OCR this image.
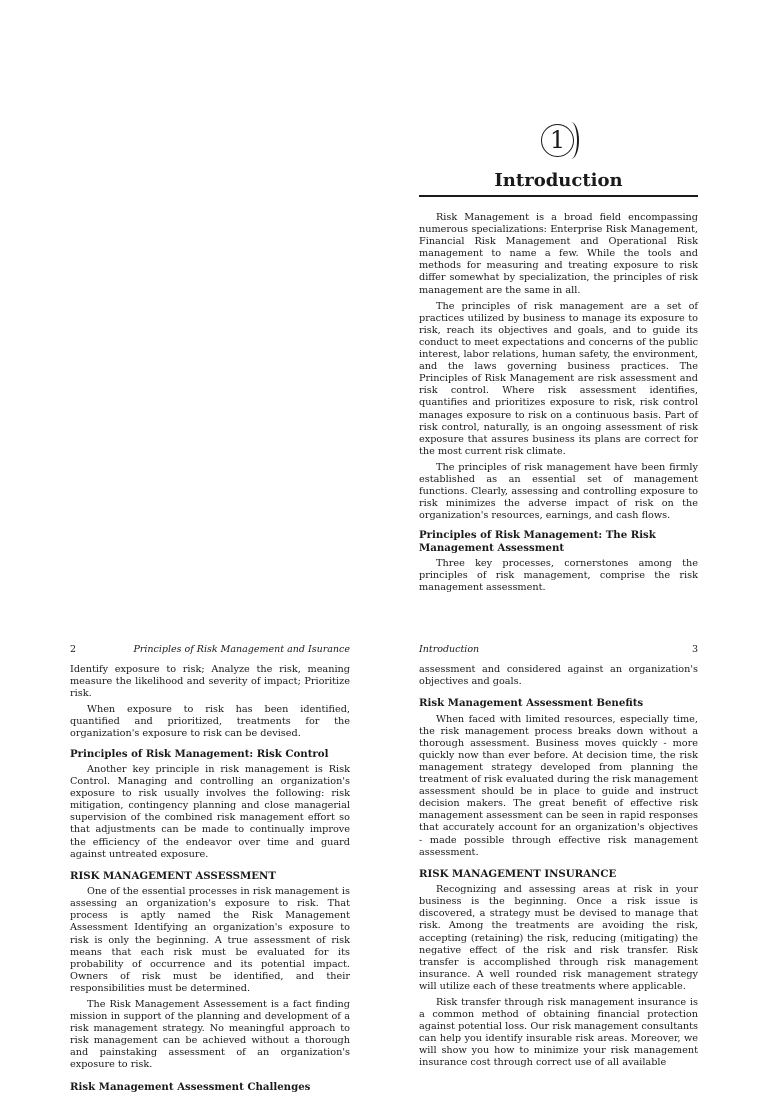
1
Introduction

Risk Management is a broad field encompassing numerous specializations: Enterprise Risk Management, Financial Risk Management and Operational Risk management to name a few. While the tools and methods for measuring and treating exposure to risk differ somewhat by specialization, the principles of risk management are the same in all.

The principles of risk management are a set of practices utilized by business to manage its exposure to risk, reach its objectives and goals, and to guide its conduct to meet expectations and concerns of the public interest, labor relations, human safety, the environment, and the laws governing business practices. The Principles of Risk Management are risk assessment and risk control. Where risk assessment identifies, quantifies and prioritizes exposure to risk, risk control manages exposure to risk on a continuous basis. Part of risk control, naturally, is an ongoing assessment of risk exposure that assures business its plans are correct for the most current risk climate.

The principles of risk management have been firmly established as an essential set of management functions. Clearly, assessing and controlling exposure to risk minimizes the adverse impact of risk on the organization's resources, earnings, and cash flows.

Principles of Risk Management: The Risk Management Assessment

Three key processes, cornerstones among the principles of risk management, comprise the risk management assessment.

2	Principles of Risk Management and Isurance	Introduction	3

Identify exposure to risk; Analyze the risk, meaning measure the likelihood and severity of impact; Prioritize risk.

When exposure to risk has been identified, quantified and prioritized, treatments for the organization's exposure to risk can be devised.

Principles of Risk Management: Risk Control

Another key principle in risk management is Risk Control. Managing and controlling an organization's exposure to risk usually involves the following: risk mitigation, contingency planning and close managerial supervision of the combined risk management effort so that adjustments can be made to continually improve the efficiency of the endeavor over time and guard against untreated exposure.

RISK MANAGEMENT ASSESSMENT

One of the essential processes in risk management is assessing an organization's exposure to risk. That process is aptly named the Risk Management Assessment Identifying an organization's exposure to risk is only the beginning. A true assessment of risk means that each risk must be evaluated for its probability of occurrence and its potential impact. Owners of risk must be identified, and their responsibilities must be determined.

The Risk Management Assessement is a fact finding mission in support of the planning and development of a risk management strategy. No meaningful approach to risk management can be achieved without a thorough and painstaking assessment of an organization's exposure to risk.

Risk Management Assessment Challenges

assessment and considered against an organization's objectives and goals.

Risk Management Assessment Benefits

When faced with limited resources, especially time, the risk management process breaks down without a thorough assessment. Business moves quickly - more quickly now than ever before. At decision time, the risk management strategy developed from planning the treatment of risk evaluated during the risk management assessment should be in place to guide and instruct decision makers. The great benefit of effective risk management assessment can be seen in rapid responses that accurately account for an organization's objectives - made possible through effective risk management assessment.

RISK MANAGEMENT INSURANCE

Recognizing and assessing areas at risk in your business is the beginning. Once a risk issue is discovered, a strategy must be devised to manage that risk. Among the treatments are avoiding the risk, accepting (retaining) the risk, reducing (mitigating) the negative effect of the risk and risk transfer. Risk transfer is accomplished through risk management insurance. A well rounded risk management strategy will utilize each of these treatments where applicable.

Risk transfer through risk management insurance is a common method of obtaining financial protection against potential loss. Our risk management consultants can help you identify insurable risk areas. Moreover, we will show you how to minimize your risk management insurance cost through correct use of all available
